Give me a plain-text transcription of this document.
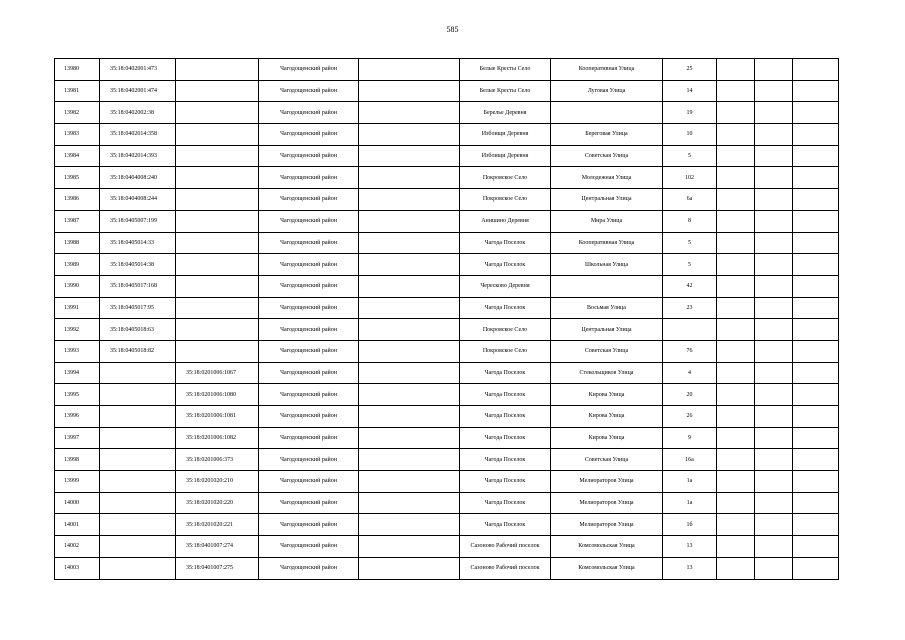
585
13980	35:18:0402001:473		Чагодощенский район		Белые Кресты Село	Кооперативная Улица	25			
13981	35:18:0402001:474		Чагодощенский район		Белые Кресты Село	Луговая Улица	14			
13982	35:18:0402002:38		Чагодощенский район		Берелье Деревня		19			
13983	35:18:0402014:358		Чагодощенский район		Избоищи Деревня	Береговая Улица	10			
13984	35:18:0402014:393		Чагодощенский район		Избоищи Деревня	Советская Улица	5			
13985	35:18:0404008:240		Чагодощенский район		Покровское Село	Молодежная Улица	102			
13986	35:18:0404008:244		Чагодощенский район		Покровское Село	Центральная Улица	6а			
13987	35:18:0405007:199		Чагодощенский район		Анишино Деревня	Мира Улица	8			
13988	35:18:0405014:33		Чагодощенский район		Чагода Поселок	Кооперативная Улица	5			
13989	35:18:0405014:38		Чагодощенский район		Чагода Поселок	Школьная Улица	5			
13990	35:18:0405017:168		Чагодощенский район		Чересково Деревня		42			
13991	35:18:0405017:95		Чагодощенский район		Чагода Поселок	Восьмая Улица	23			
13992	35:18:0405018:63		Чагодощенский район		Покровское Село	Центральная Улица				
13993	35:18:0405018:82		Чагодощенский район		Покровское Село	Советская Улица	76			
13994		35:18:0201006:1067	Чагодощенский район		Чагода Поселок	Стекольщиков Улица	4			
13995		35:18:0201006:1080	Чагодощенский район		Чагода Поселок	Кирова Улица	20			
13996		35:18:0201006:1081	Чагодощенский район		Чагода Поселок	Кирова Улица	26			
13997		35:18:0201006:1082	Чагодощенский район		Чагода Поселок	Кирова Улица	9			
13998		35:18:0201006:373	Чагодощенский район		Чагода Поселок	Советская Улица	16а			
13999		35:18:0201020:210	Чагодощенский район		Чагода Поселок	Мелиораторов Улица	1а			
14000		35:18:0201020:220	Чагодощенский район		Чагода Поселок	Мелиораторов Улица	1а			
14001		35:18:0201020:221	Чагодощенский район		Чагода Поселок	Мелиораторов Улица	1б			
14002		35:18:0401007:274	Чагодощенский район		Сазоново Рабочий поселок	Комсомольская Улица	13			
14003		35:18:0401007:275	Чагодощенский район		Сазоново Рабочий поселок	Комсомольская Улица	13			
